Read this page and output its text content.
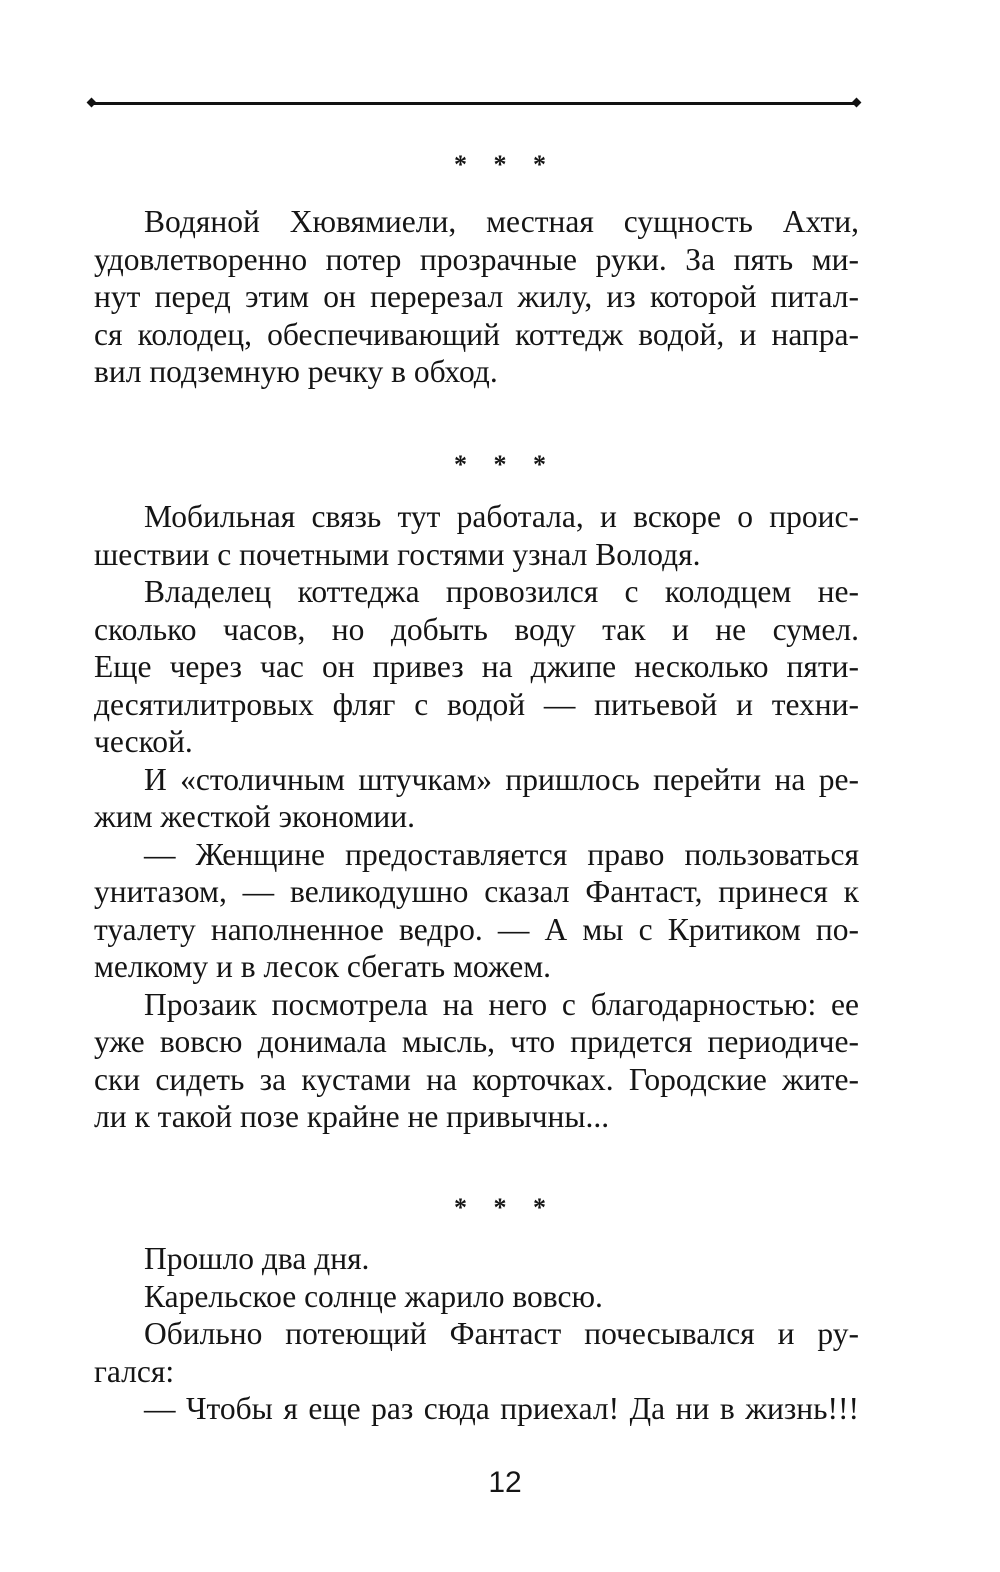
* * *
Водяной Хювямиели, местная сущность Ахти,
удовлетворенно потер прозрачные руки. За пять ми-
нут перед этим он перерезал жилу, из которой питал-
ся колодец, обеспечивающий коттедж водой, и напра-
вил подземную речку в обход.
* * *
Мобильная связь тут работала, и вскоре о проис-
шествии с почетными гостями узнал Володя.
Владелец коттеджа провозился с колодцем не-
сколько часов, но добыть воду так и не сумел.
Еще через час он привез на джипе несколько пяти-
десятилитровых фляг с водой — питьевой и техни-
ческой.
И «столичным штучкам» пришлось перейти на ре-
жим жесткой экономии.
— Женщине предоставляется право пользоваться
унитазом, — великодушно сказал Фантаст, принеся к
туалету наполненное ведро. — А мы с Критиком по-
мелкому и в лесок сбегать можем.
Прозаик посмотрела на него с благодарностью: ее
уже вовсю донимала мысль, что придется периодиче-
ски сидеть за кустами на корточках. Городские жите-
ли к такой позе крайне не привычны...
* * *
Прошло два дня.
Карельское солнце жарило вовсю.
Обильно потеющий Фантаст почесывался и ру-
гался:
— Чтобы я еще раз сюда приехал! Да ни в жизнь!!!
12
